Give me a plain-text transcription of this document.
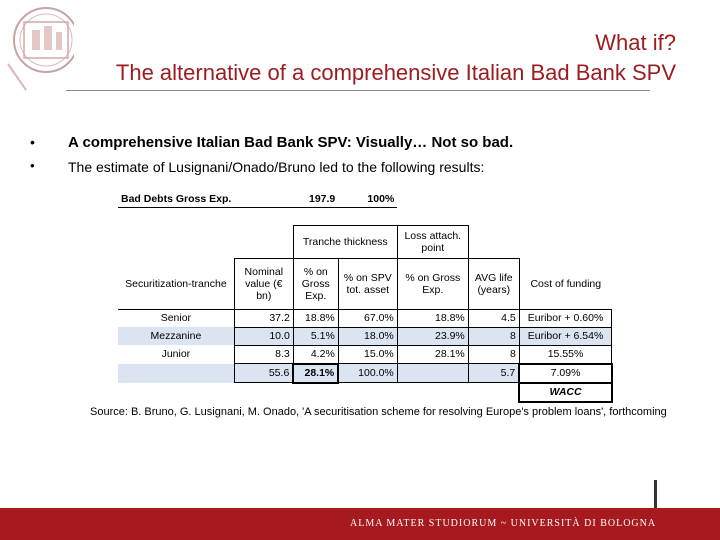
What if?
The alternative of a comprehensive Italian Bad Bank SPV
• A comprehensive Italian Bad Bank SPV: Visually… Not so bad.
• The estimate of Lusignani/Onado/Bruno led to the following results:
Bad Debts Gross Exp.		197.9	100%			

		Tranche thickness		Loss attach. point		
Securitization-tranche	Nominal value (€ bn)	% on Gross Exp.	% on SPV tot. asset	% on Gross Exp.	AVG life (years)	Cost of funding
Senior	37.2	18.8%	67.0%	18.8%	4.5	Euribor + 0.60%
Mezzanine	10.0	5.1%	18.0%	23.9%	8	Euribor + 6.54%
Junior	8.3	4.2%	15.0%	28.1%	8	15.55%
	55.6	28.1%	100.0%		5.7	7.09%
						WACC
Source: B. Bruno, G. Lusignani, M. Onado, 'A securitisation scheme for resolving Europe's problem loans', forthcoming
ALMA MATER STUDIORUM ~ UNIVERSITÀ DI BOLOGNA
